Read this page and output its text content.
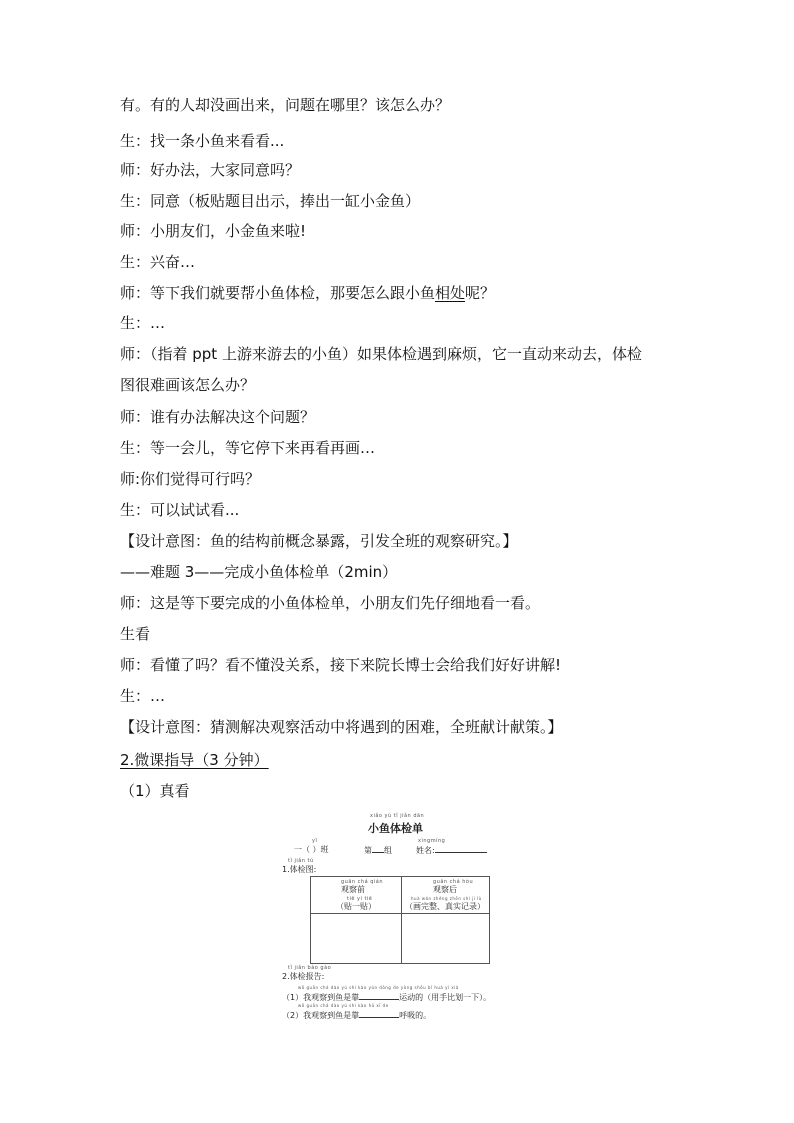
有。有的人却没画出来，问题在哪里？该怎么办？
生：找一条小鱼来看看...
师：好办法，大家同意吗？
生：同意（板贴题目出示，捧出一缸小金鱼）
师：小朋友们，小金鱼来啦!
生：兴奋…
师：等下我们就要帮小鱼体检，那要怎么跟小鱼相处呢？
生：…
师：（指着 ppt 上游来游去的小鱼）如果体检遇到麻烦，它一直动来动去，体检
图很难画该怎么办？
师：谁有办法解决这个问题？
生：等一会儿，等它停下来再看再画…
师:你们觉得可行吗？
生：可以试试看...
【设计意图：鱼的结构前概念暴露，引发全班的观察研究。】
——难题 3——完成小鱼体检单（2min）
师：这是等下要完成的小鱼体检单，小朋友们先仔细地看一看。
生看
师：看懂了吗？看不懂没关系，接下来院长博士会给我们好好讲解!
生：…
【设计意图：猜测解决观察活动中将遇到的困难，全班献计献策。】
2.微课指导（3 分钟）
（1）真看
xiǎo yú tǐ jiǎn dān
小鱼体检单
yī	xìngmíng
一（ ）班	第 组	姓名:
tǐ jiǎn tú
1.体检图:
guān chá qián
观察前
tiē yi tiē
（贴一贴）
guān chá hòu
观察后
huà wán zhěng zhēn shí jì lù
（画完整、真实记录）
tǐ jiǎn bào gào
2.体检报告:
wǒ guān chá dào yú shì kào yùn dòng de yòng shǒu bǐ huà yí xià
（1）我观察到鱼是靠	运动的（用手比划一下）。
wǒ guān chá dào yú shì kào hū xī de
（2）我观察到鱼是靠	呼吸的。
